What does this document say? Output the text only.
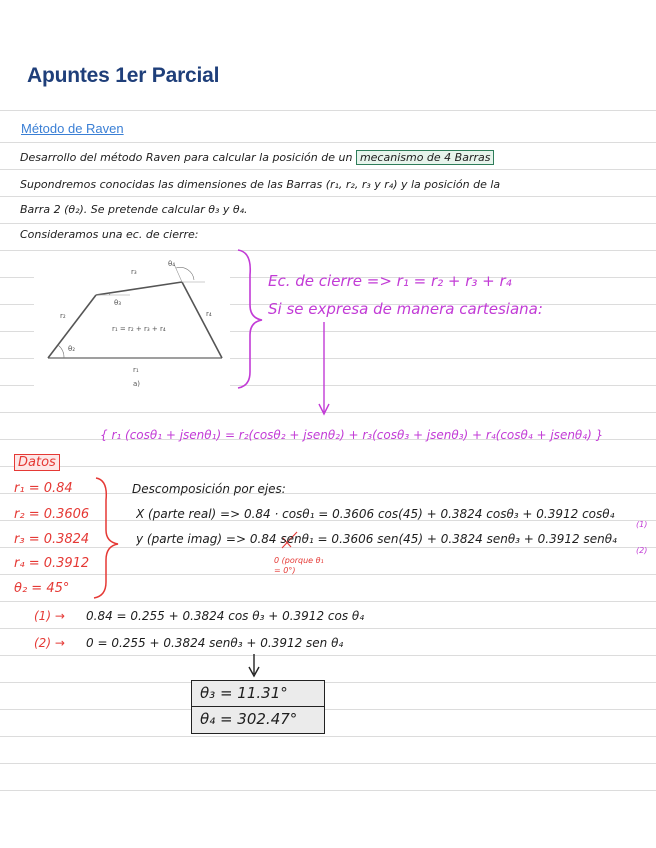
Apuntes 1er Parcial
Método de Raven
Desarrollo del método Raven para calcular la posición de un mecanismo de 4 Barras
Supondremos conocidas las dimensiones de las Barras (r₁, r₂, r₃ y r₄) y la posición de la
Barra 2 (θ₂). Se pretende calcular θ₃ y θ₄.
Consideramos una ec. de cierre:
r₃
r₂	r₄
r₁
θ₂
θ₃
θ₄
r₁ = r₂ + r₃ + r₄
a)
Ec. de cierre => r₁ = r₂ + r₃ + r₄
Si se expresa de manera cartesiana:
{ r₁ (cosθ₁ + jsenθ₁) = r₂(cosθ₂ + jsenθ₂) + r₃(cosθ₃ + jsenθ₃) + r₄(cosθ₄ + jsenθ₄) }
Datos
r₁ = 0.84
r₂ = 0.3606
r₃ = 0.3824
r₄ = 0.3912
θ₂ = 45°
Descomposición por ejes:
X (parte real) => 0.84 · cosθ₁ = 0.3606 cos(45) + 0.3824 cosθ₃ + 0.3912 cosθ₄
y (parte imag) => 0.84 senθ₁ = 0.3606 sen(45) + 0.3824 senθ₃ + 0.3912 senθ₄
(1)
(2)
0 (porque θ₁ = 0°)
(1) → 0.84 = 0.255 + 0.3824 cos θ₃ + 0.3912 cos θ₄
(2) → 0 = 0.255 + 0.3824 senθ₃ + 0.3912 sen θ₄
θ₃ = 11.31°
θ₄ = 302.47°
